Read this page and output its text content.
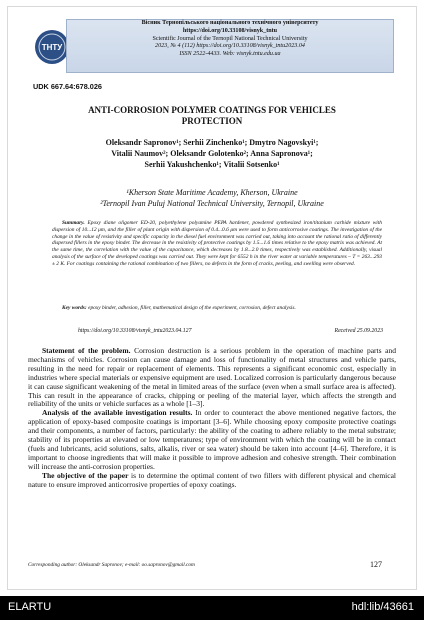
ТНТУ
Вісник Тернопільського національного технічного університету
https://doi.org/10.33108/visnyk_tntu
Scientific Journal of the Ternopil National Technical University
2023, № 4 (112) https://doi.org/10.33108/visnyk_tntu2023.04
ISSN 2522-4433. Web: visnyk.tntu.edu.ua
UDK 667.64:678.026
ANTI-CORROSION POLYMER COATINGS FOR VEHICLES
PROTECTION
Oleksandr Sapronov¹; Serhii Zinchenko¹; Dmytro Nagovskyi¹;
Vitalii Naumov²; Oleksandr Golotenko²; Anna Sapronova¹;
Serhii Yakushchenko¹; Vitalii Sotsenko¹
¹Kherson State Maritime Academy, Kherson, Ukraine
²Ternopil Ivan Puluj National Technical University, Ternopil, Ukraine
Summary. Epoxy diane oligomer ED-20, polyethylene polyamine PEPA hardener, powdered synthesized iron/titanium carbide mixture with dispersion of 10...12 μm, and the filler of plant origin with dispersion of 0.4...0.6 μm were used to form anticorrosive coatings. The investigation of the change in the value of resistivity and specific capacity in the diesel fuel environment was carried out, taking into account the rational ratio of differently dispersed fillers in the epoxy binder. The decrease in the resistivity of protective coatings by 1.5...1.6 times relative to the epoxy matrix was achieved. At the same time, the correlation with the value of the capacitance, which decreases by 1.8...2.0 times, respectively was established. Additionally, visual analysis of the surface of the developed coatings was carried out. They were kept for 6552 h in the river water at variable temperatures – T = 263...293 ± 2 K. For coatings containing the rational combination of two fillers, no defects in the form of cracks, peeling, and swelling were observed.
Key words: epoxy binder, adhesion, filler, mathematical design of the experiment, corrosion, defect analysis.
https://doi.org/10.33108/visnyk_tntu2023.04.127	Received 25.09.2023

Statement of the problem. Corrosion destruction is a serious problem in the operation of machine parts and mechanisms of vehicles. Corrosion can cause damage and loss of functionality of metal structures and vehicle parts, resulting in the need for repair or replacement of elements. This represents a significant economic cost, especially in industries where special materials or expensive equipment are used. Localized corrosion is particularly dangerous because it can cause significant weakening of the metal in limited areas of the surface (even when a small surface area is affected). This can result in the appearance of cracks, chipping or peeling of the material layer, which affects the strength and reliability of the units or vehicle surfaces as a whole [1–3].

Analysis of the available investigation results. In order to counteract the above mentioned negative factors, the application of epoxy-based composite coatings is important [3–6]. While choosing epoxy composite protective coatings and their components, a number of factors, particularly: the ability of the coating to adhere reliably to the metal substrate; stability of its properties at elevated or low temperatures; type of environment with which the coating will be in contact (fuels and lubricants, acid solutions, salts, alkalis, river or sea water) should be taken into account [4–6]. Therefore, it is important to choose ingredients that will make it possible to improve adhesion and cohesive strength. Their combination will increase the anti-corrosion properties.

The objective of the paper is to determine the optimal content of two fillers with different physical and chemical nature to ensure improved anticorrosive properties of epoxy coatings.

Corresponding author: Oleksandr Sapronov; e-mail: oo.sapronov@gmail.com	127
ELARTU	hdl:lib/43661
